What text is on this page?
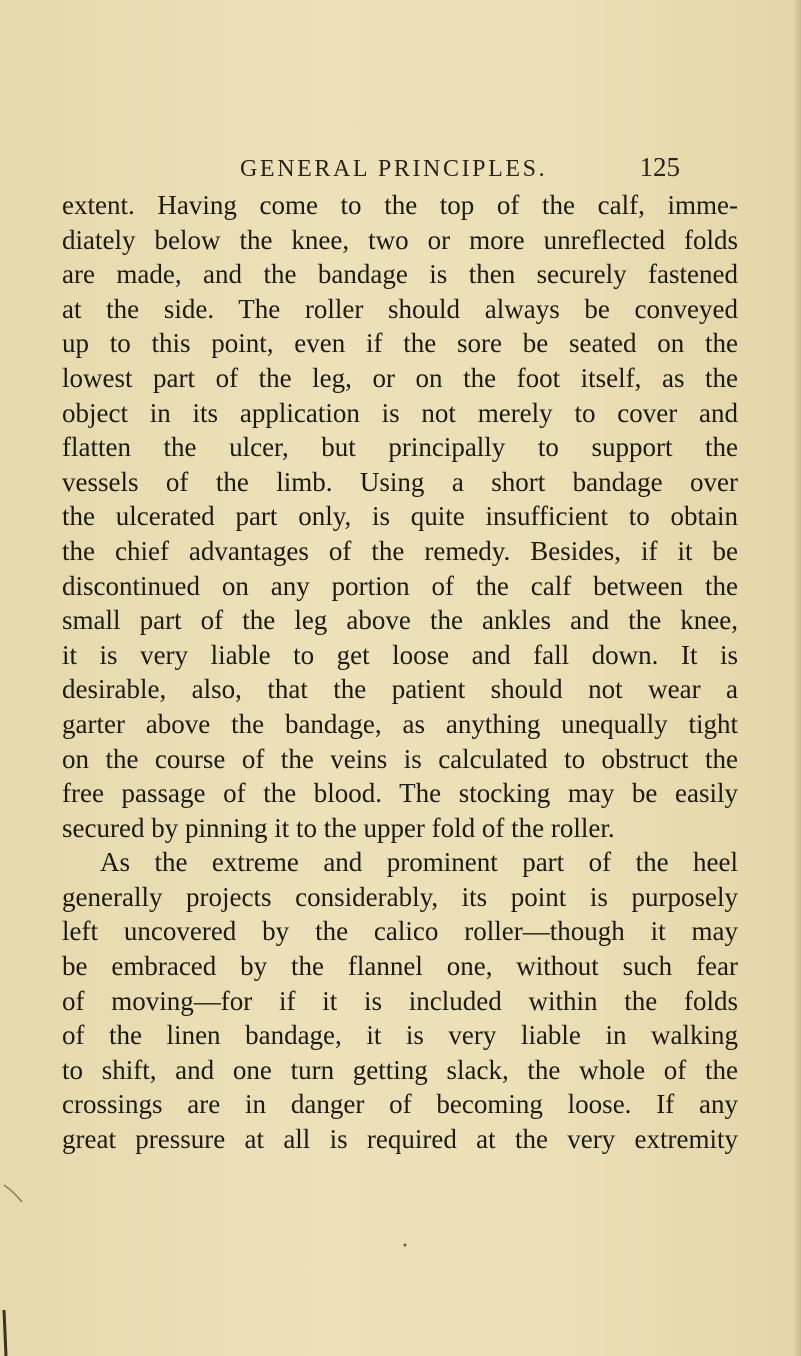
GENERAL PRINCIPLES.	125
extent. Having come to the top of the calf, imme-
diately below the knee, two or more unreflected folds
are made, and the bandage is then securely fastened
at the side. The roller should always be conveyed
up to this point, even if the sore be seated on the
lowest part of the leg, or on the foot itself, as the
object in its application is not merely to cover and
flatten the ulcer, but principally to support the
vessels of the limb. Using a short bandage over
the ulcerated part only, is quite insufficient to obtain
the chief advantages of the remedy. Besides, if it be
discontinued on any portion of the calf between the
small part of the leg above the ankles and the knee,
it is very liable to get loose and fall down. It is
desirable, also, that the patient should not wear a
garter above the bandage, as anything unequally tight
on the course of the veins is calculated to obstruct the
free passage of the blood. The stocking may be easily
secured by pinning it to the upper fold of the roller.
As the extreme and prominent part of the heel
generally projects considerably, its point is purposely
left uncovered by the calico roller—though it may
be embraced by the flannel one, without such fear
of moving—for if it is included within the folds
of the linen bandage, it is very liable in walking
to shift, and one turn getting slack, the whole of the
crossings are in danger of becoming loose. If any
great pressure at all is required at the very extremity
